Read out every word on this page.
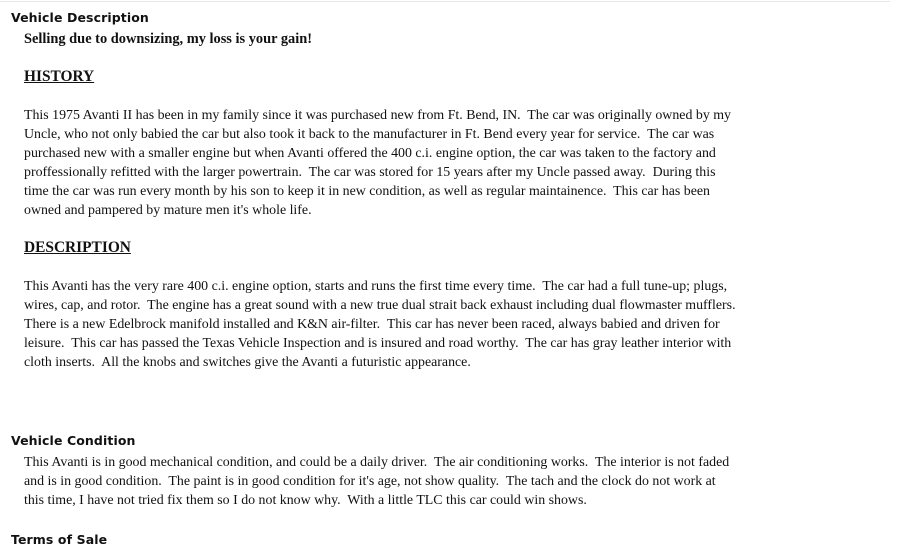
Vehicle Description
Selling due to downsizing, my loss is your gain!
HISTORY
This 1975 Avanti II has been in my family since it was purchased new from Ft. Bend, IN.  The car was originally owned by my
Uncle, who not only babied the car but also took it back to the manufacturer in Ft. Bend every year for service.  The car was
purchased new with a smaller engine but when Avanti offered the 400 c.i. engine option, the car was taken to the factory and
proffessionally refitted with the larger powertrain.  The car was stored for 15 years after my Uncle passed away.  During this
time the car was run every month by his son to keep it in new condition, as well as regular maintainence.  This car has been
owned and pampered by mature men it's whole life.
DESCRIPTION
This Avanti has the very rare 400 c.i. engine option, starts and runs the first time every time.  The car had a full tune-up; plugs,
wires, cap, and rotor.  The engine has a great sound with a new true dual strait back exhaust including dual flowmaster mufflers.
There is a new Edelbrock manifold installed and K&N air-filter.  This car has never been raced, always babied and driven for
leisure.  This car has passed the Texas Vehicle Inspection and is insured and road worthy.  The car has gray leather interior with
cloth inserts.  All the knobs and switches give the Avanti a futuristic appearance.
Vehicle Condition
This Avanti is in good mechanical condition, and could be a daily driver.  The air conditioning works.  The interior is not faded
and is in good condition.  The paint is in good condition for it's age, not show quality.  The tach and the clock do not work at
this time, I have not tried fix them so I do not know why.  With a little TLC this car could win shows.
Terms of Sale
